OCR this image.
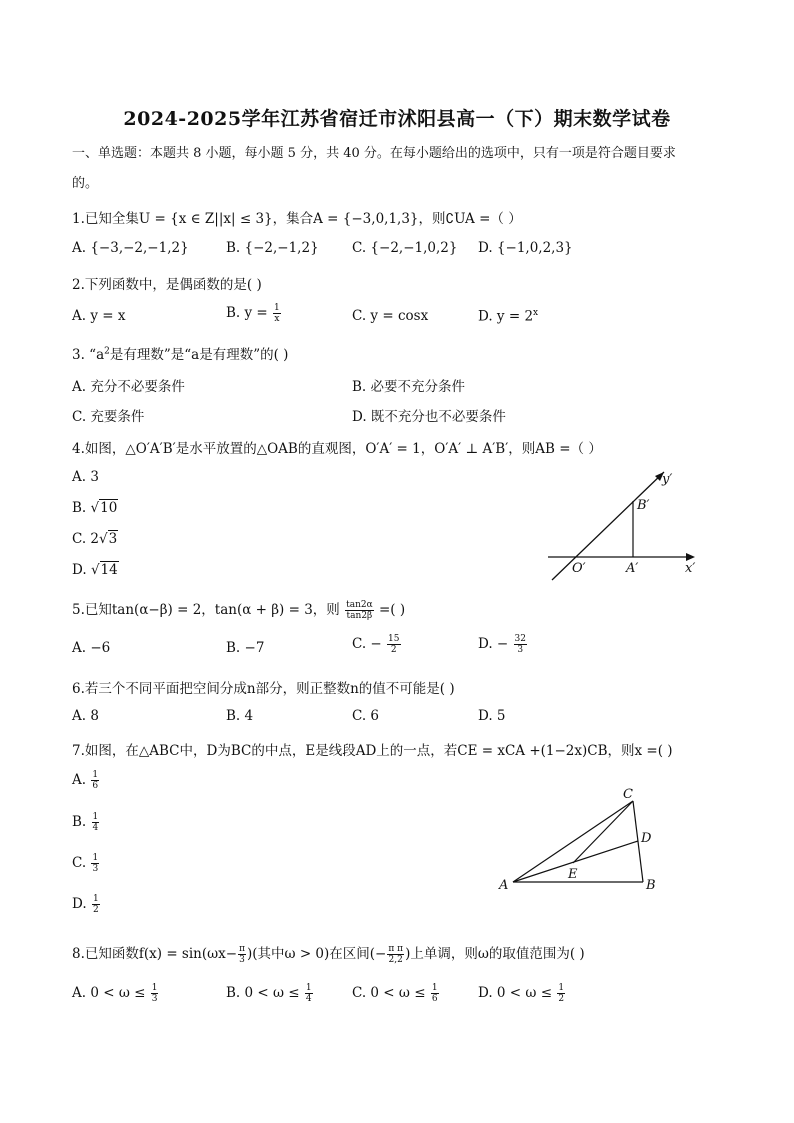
2024-2025学年江苏省宿迁市沭阳县高一（下）期末数学试卷
一、单选题：本题共 8 小题，每小题 5 分，共 40 分。在每小题给出的选项中，只有一项是符合题目要求
的。
1.已知全集U = {x ∈ Z||x| ≤ 3}，集合A = {−3,0,1,3}，则∁UA =（ ）
A. {−3,−2,−1,2}	B. {−2,−1,2} C. {−2,−1,0,2} D. {−1,0,2,3}
2.下列函数中，是偶函数的是( )
A. y = x	B. $y = \frac{1}{x}$	C. y = cosx	D. $y = 2^x$
3. “$a^2$是有理数”是“a是有理数”的( )
A. 充分不必要条件	B. 必要不充分条件
C. 充要条件	D. 既不充分也不必要条件
4.如图，△O′A′B′是水平放置的△OAB的直观图，O′A′ = 1，O′A′ ⊥ A′B′，则AB =（ ）
A. 3
B. √10
C. 2√3
D. √14
y′
B′
O′	A′	x′
5.已知tan(α−β) = 2，tan(α + β) = 3，则 $\frac{\tan 2\alpha}{\tan 2\beta}$ =( )
A. −6	B. −7	C. − $\frac{15}{2}$	D. − $\frac{32}{3}$
6.若三个不同平面把空间分成n部分，则正整数n的值不可能是( )
A. 8	B. 4	C. 6	D. 5
7.如图，在△ABC中，D为BC的中点，E是线段AD上的一点，若CE = xCA +(1−2x)CB，则x =( )
A. $\frac{1}{6}$
B. $\frac{1}{4}$
C. $\frac{1}{3}$
D. $\frac{1}{2}$
C
D
A
E
B
8.已知函数$f(x) = \sin(\omega x- \frac{\pi}{3}$ )(其中ω > 0)在区间(− $\frac{\text{π π}}{2,2}$ )上单调，则ω的取值范围为( )
A. $0 < \omega \le \frac{1}{3}$	B. $0 < \omega \le \frac{1}{4}$	C. $0 < \omega \le \frac{1}{6}$	D. $0 < \omega \le \frac{1}{2}$
